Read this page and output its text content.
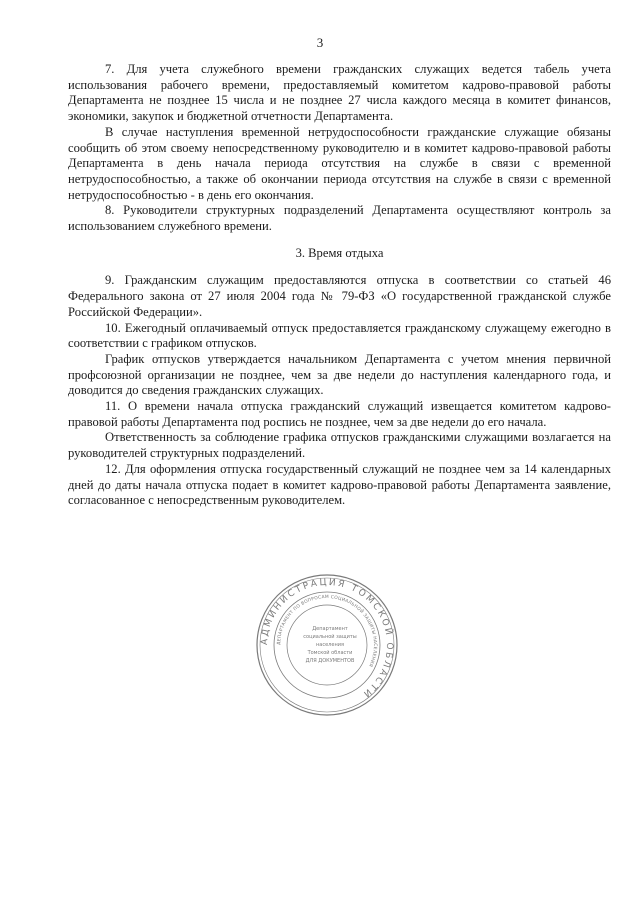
3

7. Для учета служебного времени гражданских служащих ведется табель учета использования рабочего времени, предоставляемый комитетом кадрово-правовой работы Департамента не позднее 15 числа и не позднее 27 числа каждого месяца в комитет финансов, экономики, закупок и бюджетной отчетности Департамента.

В случае наступления временной нетрудоспособности гражданские служащие обязаны сообщить об этом своему непосредственному руководителю и в комитет кадрово-правовой работы Департамента в день начала периода отсутствия на службе в связи с временной нетрудоспособностью, а также об окончании периода отсутствия на службе в связи с временной нетрудоспособностью - в день его окончания.

8. Руководители структурных подразделений Департамента осуществляют контроль за использованием служебного времени.

3. Время отдыха

9. Гражданским служащим предоставляются отпуска в соответствии со статьей 46 Федерального закона от 27 июля 2004 года № 79-ФЗ «О государственной гражданской службе Российской Федерации».

10. Ежегодный оплачиваемый отпуск предоставляется гражданскому служащему ежегодно в соответствии с графиком отпусков.

График отпусков утверждается начальником Департамента с учетом мнения первичной профсоюзной организации не позднее, чем за две недели до наступления календарного года, и доводится до сведения гражданских служащих.

11. О времени начала отпуска гражданский служащий извещается комитетом кадрово-правовой работы Департамента под роспись не позднее, чем за две недели до его начала.

Ответственность за соблюдение графика отпусков гражданскими служащими возлагается на руководителей структурных подразделений.

12. Для оформления отпуска государственный служащий не позднее чем за 14 календарных дней до даты начала отпуска подает в комитет кадрово-правовой работы Департамента заявление, согласованное с непосредственным руководителем.

АДМИНИСТРАЦИЯ ТОМСКОЙ ОБЛАСТИ
ДЕПАРТАМЕНТ ПО ВОПРОСАМ СОЦИАЛЬНОЙ ЗАЩИТЫ НАСЕЛЕНИЯ
Департамент
социальной защиты
населения
Томской области
ДЛЯ ДОКУМЕНТОВ
